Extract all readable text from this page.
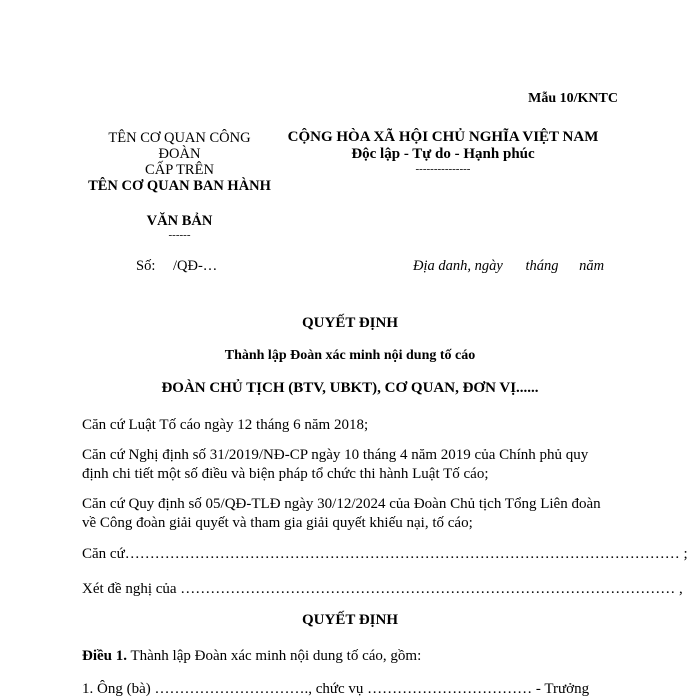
Mẫu 10/KNTC
TÊN CƠ QUAN CÔNG
ĐOÀN
CẤP TRÊN
TÊN CƠ QUAN BAN HÀNH
VĂN BẢN
------
CỘNG HÒA XÃ HỘI CHỦ NGHĨA VIỆT NAM
Độc lập - Tự do - Hạnh phúc
---------------
Số: /QĐ-…	Địa danh, ngày tháng năm
QUYẾT ĐỊNH
Thành lập Đoàn xác minh nội dung tố cáo
ĐOÀN CHỦ TỊCH (BTV, UBKT), CƠ QUAN, ĐƠN VỊ......
Căn cứ Luật Tố cáo ngày 12 tháng 6 năm 2018;
Căn cứ Nghị định số 31/2019/NĐ-CP ngày 10 tháng 4 năm 2019 của Chính phủ quy định chi tiết một số điều và biện pháp tổ chức thi hành Luật Tố cáo;
Căn cứ Quy định số 05/QĐ-TLĐ ngày 30/12/2024 của Đoàn Chủ tịch Tổng Liên đoàn về Công đoàn giải quyết và tham gia giải quyết khiếu nại, tố cáo;
Căn cứ………………………………………………………………………………………………… ;
Xét đề nghị của ……………………………………………………………………………………… ,
QUYẾT ĐỊNH
Điều 1. Thành lập Đoàn xác minh nội dung tố cáo, gồm:
1. Ông (bà) …………………………., chức vụ …………………………… - Trưởng
